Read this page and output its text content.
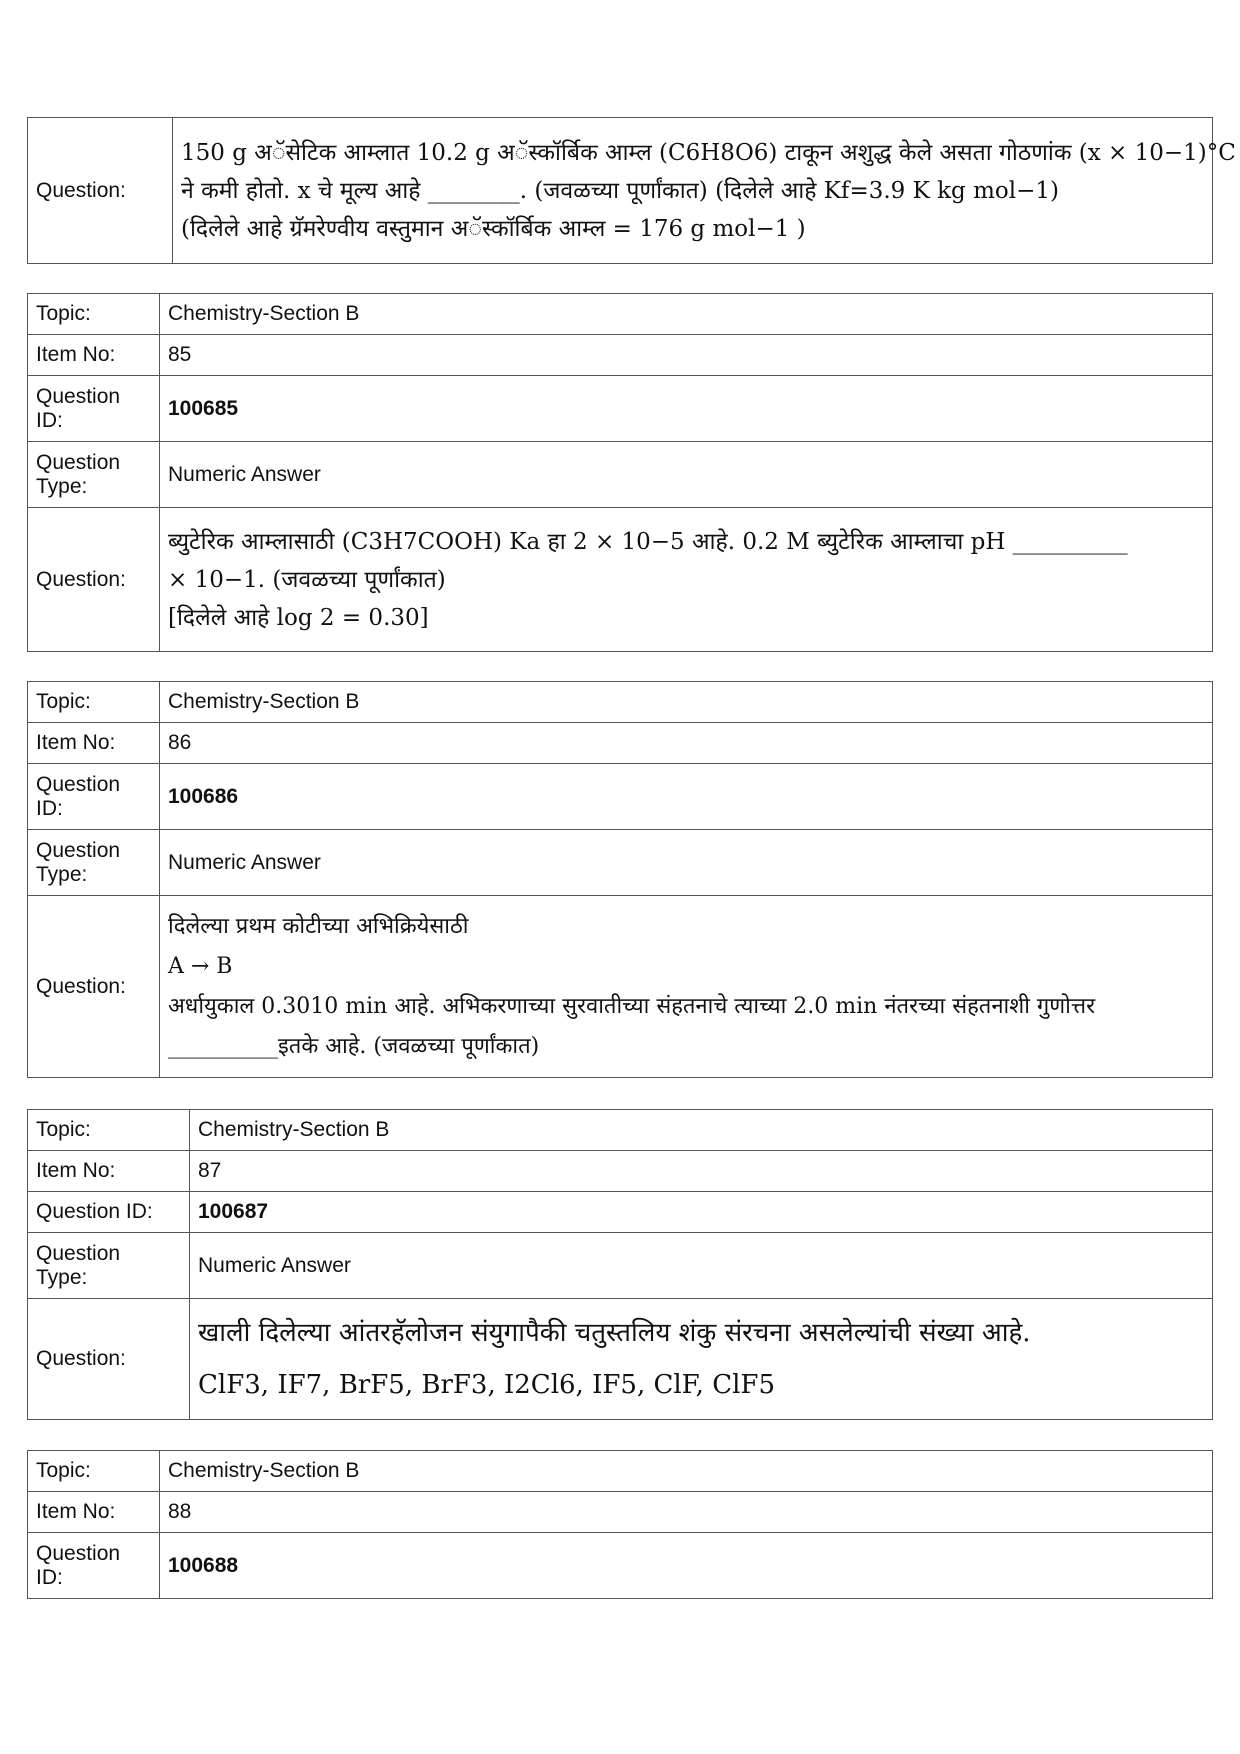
Question:	
150 g अॅसेटिक आम्लात 10.2 g अॅस्कॉर्बिक आम्ल (C6H8O6) टाकून अशुद्ध केले असता गोठणांक (x × 10−1)°C
ने कमी होतो. x चे मूल्य आहे ________. (जवळच्या पूर्णांकात) (दिलेले आहे Kf=3.9 K kg mol−1)
(दिलेले आहे ग्रॅमरेण्वीय वस्तुमान अॅस्कॉर्बिक आम्ल = 176 g mol−1 )
Topic:	Chemistry-Section B
Item No:	85
Question
ID:	100685
Question
Type:	Numeric Answer
Question:	ब्युटेरिक आम्लासाठी (C3H7COOH) Ka हा 2 × 10−5 आहे. 0.2 M ब्युटेरिक आम्लाचा pH __________
× 10−1. (जवळच्या पूर्णांकात)
[दिलेले आहे log 2 = 0.30]
Topic:	Chemistry-Section B
Item No:	86
Question
ID:	100686
Question
Type:	Numeric Answer
Question:	दिलेल्या प्रथम कोटीच्या अभिक्रियेसाठी
A → B
अर्धायुकाल 0.3010 min आहे. अभिकरणाच्या सुरवातीच्या संहतनाचे त्याच्या 2.0 min नंतरच्या संहतनाशी गुणोत्तर
__________इतके आहे. (जवळच्या पूर्णांकात)
Topic:	Chemistry-Section B
Item No:	87
Question ID:	100687
Question
Type:	Numeric Answer
Question:	खाली दिलेल्या आंतरहॅलोजन संयुगापैकी चतुस्तलिय शंकु संरचना असलेल्यांची संख्या आहे.
ClF3, IF7, BrF5, BrF3, I2Cl6, IF5, ClF, ClF5
Topic:	Chemistry-Section B
Item No:	88
Question
ID:	100688
